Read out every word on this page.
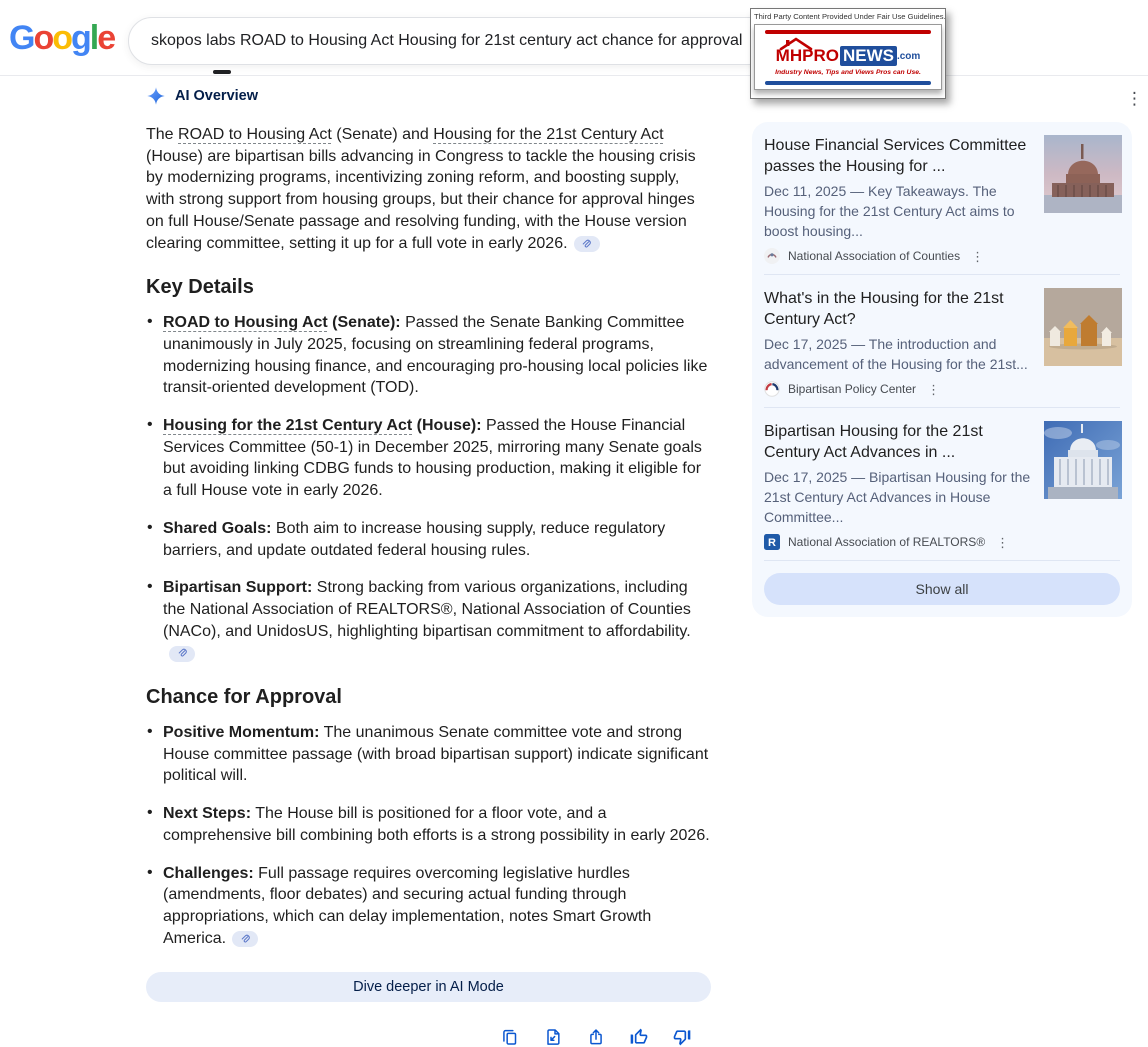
Google
skopos labs ROAD to Housing Act Housing for 21st century act chance for approval
Third Party Content Provided Under Fair Use Guidelines.
MH PRO NEWS .com
Industry News, Tips and Views Pros can Use.
⋮
AI Overview

The ROAD to Housing Act (Senate) and Housing for the 21st Century Act (House) are bipartisan bills advancing in Congress to tackle the housing crisis by modernizing programs, incentivizing zoning reform, and boosting supply, with strong support from housing groups, but their chance for approval hinges on full House/Senate passage and resolving funding, with the House version clearing committee, setting it up for a full vote in early 2026.

Key Details
• ROAD to Housing Act (Senate): Passed the Senate Banking Committee unanimously in July 2025, focusing on streamlining federal programs, modernizing housing finance, and encouraging pro-housing local policies like transit-oriented development (TOD).
• Housing for the 21st Century Act (House): Passed the House Financial Services Committee (50-1) in December 2025, mirroring many Senate goals but avoiding linking CDBG funds to housing production, making it eligible for a full House vote in early 2026.
• Shared Goals: Both aim to increase housing supply, reduce regulatory barriers, and update outdated federal housing rules.
• Bipartisan Support: Strong backing from various organizations, including the National Association of REALTORS®, National Association of Counties (NACo), and UnidosUS, highlighting bipartisan commitment to affordability.
Chance for Approval
• Positive Momentum: The unanimous Senate committee vote and strong House committee passage (with broad bipartisan support) indicate significant political will.
• Next Steps: The House bill is positioned for a floor vote, and a comprehensive bill combining both efforts is a strong possibility in early 2026.
• Challenges: Full passage requires overcoming legislative hurdles (amendments, floor debates) and securing actual funding through appropriations, which can delay implementation, notes Smart Growth America.
Dive deeper in AI Mode
House Financial Services Committee passes the Housing for ...
Dec 11, 2025 — Key Takeaways. The Housing for the 21st Century Act aims to boost housing...
National Association of Counties ⋮
What's in the Housing for the 21st Century Act?
Dec 17, 2025 — The introduction and advancement of the Housing for the 21st...
Bipartisan Policy Center ⋮
Bipartisan Housing for the 21st Century Act Advances in ...
Dec 17, 2025 — Bipartisan Housing for the 21st Century Act Advances in House Committee...
R National Association of REALTORS® ⋮
Show all
